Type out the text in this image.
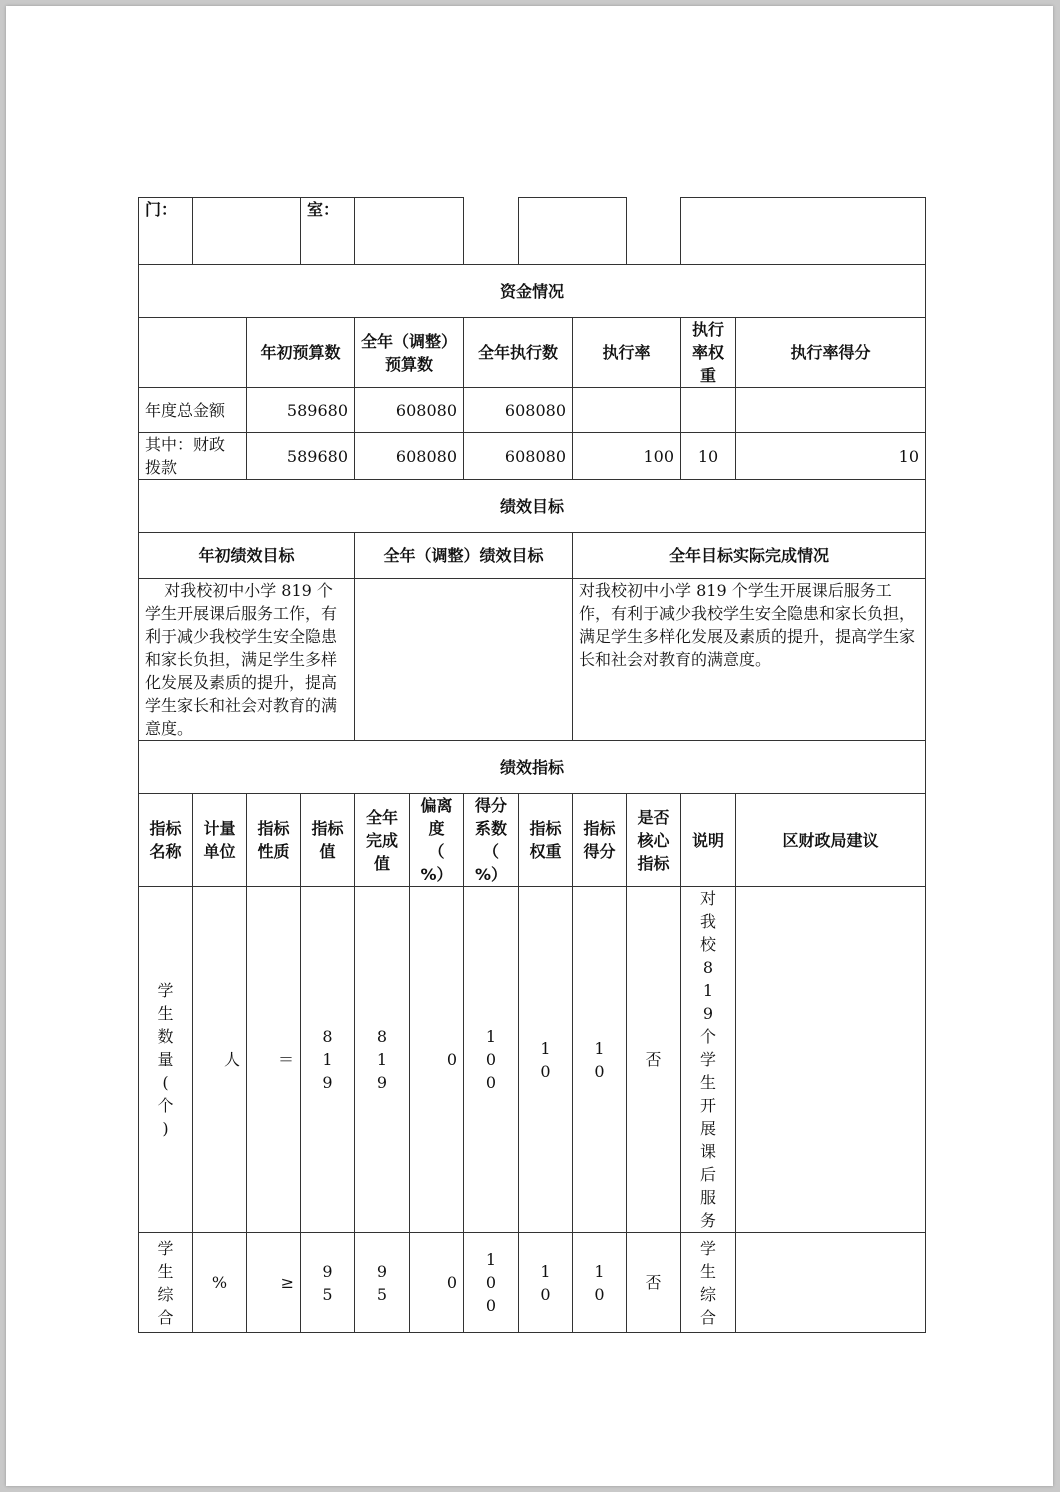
门：			室：								
资金情况											
		年初预算数		全年（调整）预算数		全年执行数		执行率		执行率权重	执行率得分
年度总金额		589680		608080		608080					
其中：财政拨款		589680		608080		608080		100		10	10
绩效目标											
年初绩效目标				全年（调整）绩效目标				全年目标实际完成情况			
对我校初中小学 819 个学生开展课后服务工作，有利于减少我校学生安全隐患和家长负担，满足学生多样化发展及素质的提升，提高学生家长和社会对教育的满意度。								对我校初中小学 819 个学生开展课后服务工作，有利于减少我校学生安全隐患和家长负担，满足学生多样化发展及素质的提升，提高学生家长和社会对教育的满意度。			
绩效指标											
指标名称	计量单位	指标性质	指标值	全年完成值	偏离度（%）	得分系数（%）	指标权重	指标得分	是否核心指标	说明	区财政局建议
学生数量(个)	人	＝	819	819	0	100	10	10	否	对我校819个学生开展课后服务	
学生综合	%	≥	95	95	0	100	10	10	否	学生综合	
